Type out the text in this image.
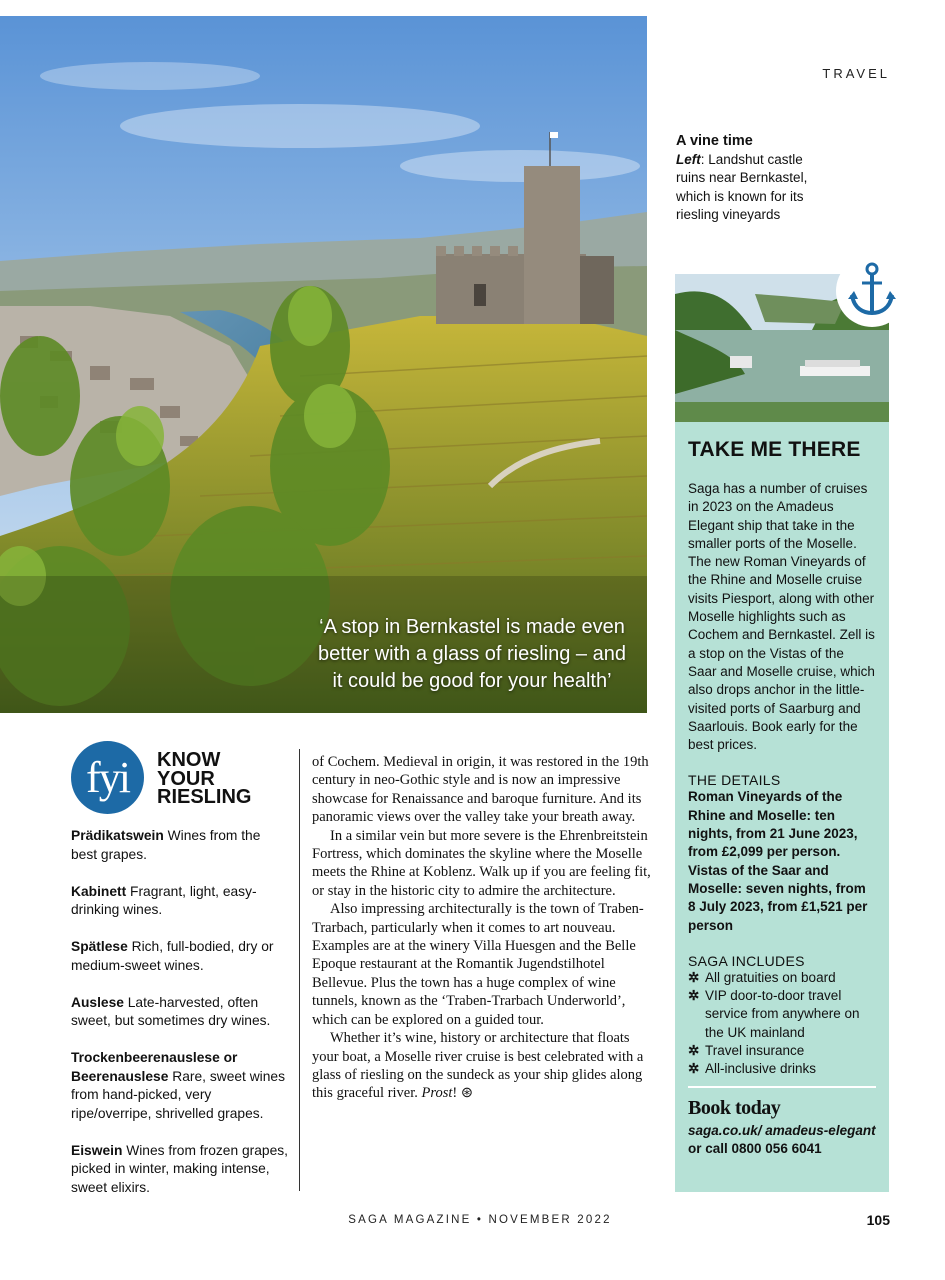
‘A stop in Bernkastel is made even better with a glass of riesling – and it could be good for your health’
TRAVEL
A vine time
Left: Landshut castle ruins near Bernkastel, which is known for its riesling vineyards
TAKE ME THERE

Saga has a number of cruises in 2023 on the Amadeus Elegant ship that take in the smaller ports of the Moselle. The new Roman Vineyards of the Rhine and Moselle cruise visits Piesport, along with other Moselle highlights such as Cochem and Bernkastel. Zell is a stop on the Vistas of the Saar and Moselle cruise, which also drops anchor in the little-visited ports of Saarburg and Saarlouis. Book early for the best prices.

THE DETAILS

Roman Vineyards of the Rhine and Moselle: ten nights, from 21 June 2023, from £2,099 per person. Vistas of the Saar and Moselle: seven nights, from 8 July 2023, from £1,521 per person

SAGA INCLUDES
✲ All gratuities on board
✲ VIP door-to-door travel service from anywhere on the UK mainland
✲ Travel insurance
✲ All-inclusive drinks
Book today
saga.co.uk/ amadeus-elegant
or call 0800 056 6041
fyi	KNOW
YOUR
RIESLING

Prädikatswein Wines from the best grapes.

Kabinett Fragrant, light, easy-drinking wines.

Spätlese Rich, full-bodied, dry or medium-sweet wines.

Auslese Late-harvested, often sweet, but sometimes dry wines.

Trockenbeerenauslese or Beerenauslese Rare, sweet wines from hand-picked, very ripe/overripe, shrivelled grapes.

Eiswein Wines from frozen grapes, picked in winter, making intense, sweet elixirs.

of Cochem. Medieval in origin, it was restored in the 19th century in neo-Gothic style and is now an impressive showcase for Renaissance and baroque furniture. And its panoramic views over the valley take your breath away.

In a similar vein but more severe is the Ehrenbreitstein Fortress, which dominates the skyline where the Moselle meets the Rhine at Koblenz. Walk up if you are feeling fit, or stay in the historic city to admire the architecture.

Also impressing architecturally is the town of Traben-Trarbach, particularly when it comes to art nouveau. Examples are at the winery Villa Huesgen and the Belle Epoque restaurant at the Romantik Jugendstilhotel Bellevue. Plus the town has a huge complex of wine tunnels, known as the ‘Traben-Trarbach Underworld’, which can be explored on a guided tour.

Whether it’s wine, history or architecture that floats your boat, a Moselle river cruise is best celebrated with a glass of riesling on the sundeck as your ship glides along this graceful river. Prost! ⊛

SAGA MAGAZINE • NOVEMBER 2022	105
